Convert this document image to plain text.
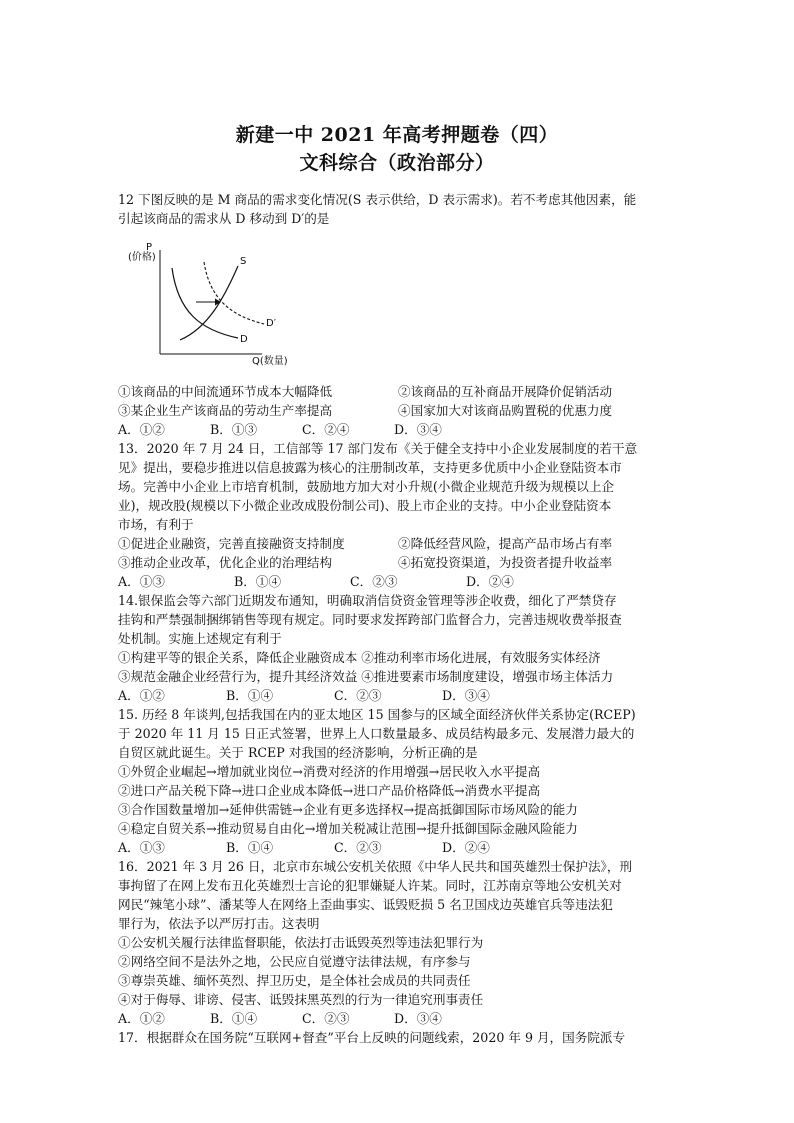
新建一中 2021 年高考押题卷（四）
文科综合（政治部分）

12 下图反映的是 M 商品的需求变化情况(S 表示供给，D 表示需求)。若不考虑其他因素，能

引起该商品的需求从 D 移动到 D′的是

P
(价格)	S
D′
D
Q(数量)
①该商品的中间流通环节成本大幅降低	②该商品的互补商品开展降价促销活动
③某企业生产该商品的劳动生产率提高	④国家加大对该商品购置税的优惠力度
A．①②	B．①③	C．②④	D．③④

13．2020 年 7 月 24 日，工信部等 17 部门发布《关于健全支持中小企业发展制度的若干意

见》提出，要稳步推进以信息披露为核心的注册制改革，支持更多优质中小企业登陆资本市

场。完善中小企业上市培育机制，鼓励地方加大对小升规(小微企业规范升级为规模以上企

业)，规改股(规模以下小微企业改成股份制公司)、股上市企业的支持。中小企业登陆资本

市场，有利于

①促进企业融资，完善直接融资支持制度	②降低经营风险，提高产品市场占有率
③推动企业改革，优化企业的治理结构	④拓宽投资渠道，为投资者提升收益率
A．①③	B．①④	C．②③	D．②④

14.银保监会等六部门近期发布通知，明确取消信贷资金管理等涉企收费，细化了严禁贷存

挂钩和严禁强制捆绑销售等现有规定。同时要求发挥跨部门监督合力，完善违规收费举报查

处机制。实施上述规定有利于

①构建平等的银企关系，降低企业融资成本 ②推动利率市场化进展，有效服务实体经济

③规范金融企业经营行为，提升其经济效益 ④推进要素市场制度建设，增强市场主体活力

A．①②	B．①④	C．②③	D．③④

15. 历经 8 年谈判,包括我国在内的亚太地区 15 国参与的区域全面经济伙伴关系协定(RCEP)

于 2020 年 11 月 15 日正式签署，世界上人口数量最多、成员结构最多元、发展潜力最大的

自贸区就此诞生。关于 RCEP 对我国的经济影响，分析正确的是

①外贸企业崛起→增加就业岗位→消费对经济的作用增强→居民收入水平提高

②进口产品关税下降→进口企业成本降低→进口产品价格降低→消费水平提高

③合作国数量增加→延伸供需链→企业有更多选择权→提高抵御国际市场风险的能力

④稳定自贸关系→推动贸易自由化→增加关税减让范围→提升抵御国际金融风险能力

A．①③	B．①④	C．②③	D．②④

16．2021 年 3 月 26 日，北京市东城公安机关依照《中华人民共和国英雄烈士保护法》，刑

事拘留了在网上发布丑化英雄烈士言论的犯罪嫌疑人许某。同时，江苏南京等地公安机关对

网民“辣笔小球”、潘某等人在网络上歪曲事实、诋毁贬损 5 名卫国戍边英雄官兵等违法犯

罪行为，依法予以严厉打击。这表明

①公安机关履行法律监督职能，依法打击诋毁英烈等违法犯罪行为

②网络空间不是法外之地，公民应自觉遵守法律法规，有序参与

③尊崇英雄、缅怀英烈、捍卫历史，是全体社会成员的共同责任

④对于侮辱、诽谤、侵害、诋毁抹黑英烈的行为一律追究刑事责任

A．①②	B．①④	C．②③	D．③④

17．根据群众在国务院“互联网+督查”平台上反映的问题线索，2020 年 9 月，国务院派专
